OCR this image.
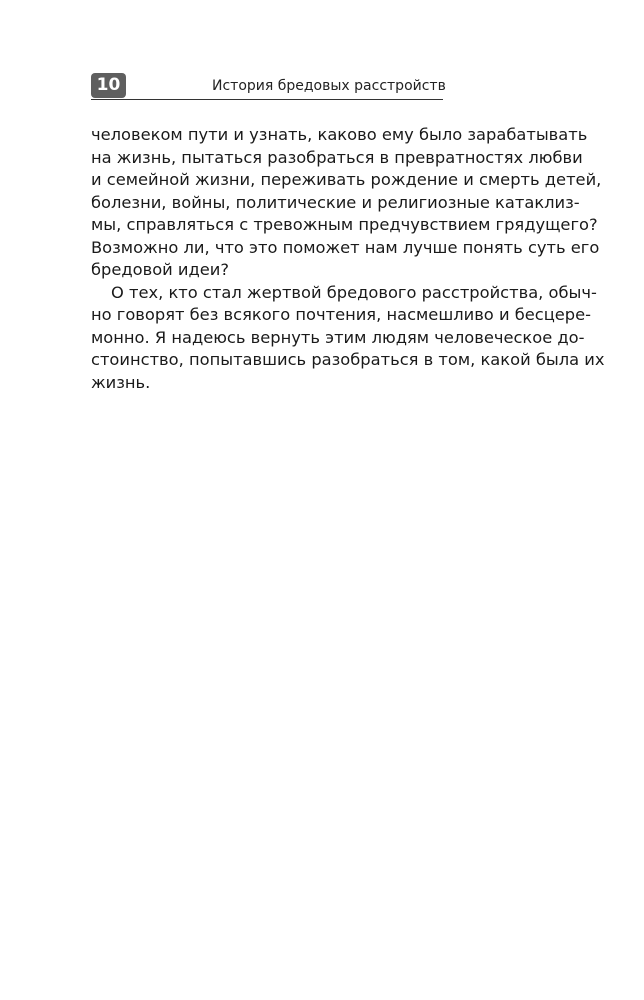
10	История бредовых расстройств
человеком пути и узнать, каково ему было зарабатывать
на жизнь, пытаться разобраться в превратностях любви
и семейной жизни, переживать рождение и смерть детей,
болезни, войны, политические и религиозные катаклиз-
мы, справляться с тревожным предчувствием грядущего?
Возможно ли, что это поможет нам лучше понять суть его
бредовой идеи?
О тех, кто стал жертвой бредового расстройства, обыч-
но говорят без всякого почтения, насмешливо и бесцере-
монно. Я надеюсь вернуть этим людям человеческое до-
стоинство, попытавшись разобраться в том, какой была их
жизнь.
